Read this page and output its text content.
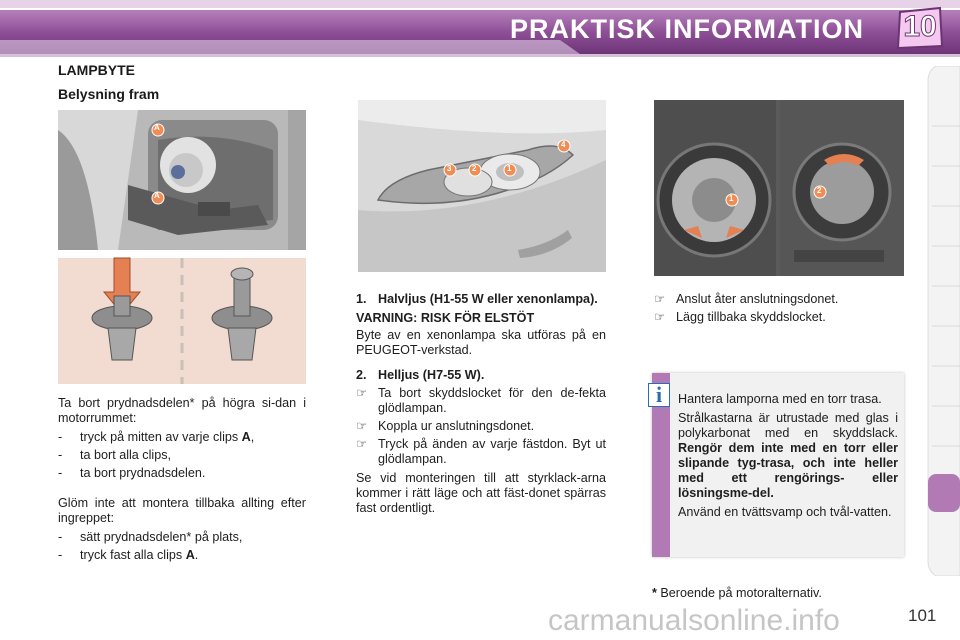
PRAKTISK INFORMATION 10
LAMPBYTE
Belysning fram
A
A

Ta bort prydnadsdelen* på högra si-dan i motorrummet:

-	tryck på mitten av varje clips A,
-	ta bort alla clips,
-	ta bort prydnadsdelen.

Glöm inte att montera tillbaka allting efter ingreppet:

-	sätt prydnadsdelen* på plats,
-	tryck fast alla clips A.
1
2
3
4
1. Halvljus (H1-55 W eller xenonlampa).

VARNING: RISK FÖR ELSTÖT

Byte av en xenonlampa ska utföras på en PEUGEOT-verkstad.

2. Helljus (H7-55 W).
☞ Ta bort skyddslocket för den de-fekta glödlampan.
☞ Koppla ur anslutningsdonet.
☞ Tryck på änden av varje fästdon. Byt ut glödlampan.

Se vid monteringen till att styrklack-arna kommer i rätt läge och att fäst-donet spärras fast ordentligt.

1
2
☞ Anslut åter anslutningsdonet.
☞ Lägg tillbaka skyddslocket.
i	Hantera lamporna med en torr trasa.

Strålkastarna är utrustade med glas i polykarbonat med en skyddslack. Rengör dem inte med en torr eller slipande tyg-trasa, och inte heller med ett rengörings- eller lösningsme-del.

Använd en tvättsvamp och tvål-vatten.

* Beroende på motoralternativ.
carmanualsonline.info	101
